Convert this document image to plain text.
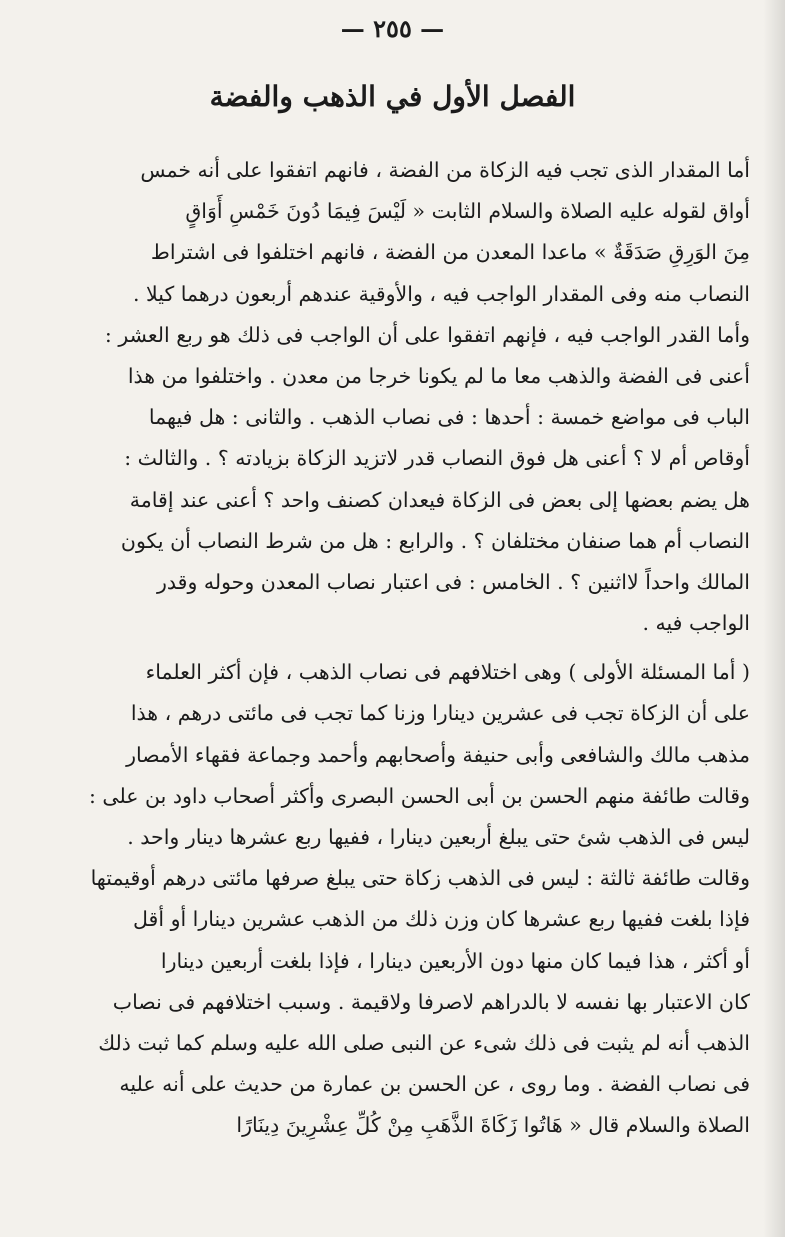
— ٢٥٥ —
الفصل الأول في الذهب والفضة
أما المقدار الذى تجب فيه الزكاة من الفضة ، فانهم اتفقوا على أنه خمس
أواق لقوله عليه الصلاة والسلام الثابت « لَيْسَ فِيمَا دُونَ خَمْسِ أَوَاقٍ
مِنَ الوَرِقِ صَدَقَةٌ » ماعدا المعدن من الفضة ، فانهم اختلفوا فى اشتراط
النصاب منه وفى المقدار الواجب فيه ، والأوقية عندهم أربعون درهما كيلا .
وأما القدر الواجب فيه ، فإنهم اتفقوا على أن الواجب فى ذلك هو ربع العشر :
أعنى فى الفضة والذهب معا ما لم يكونا خرجا من معدن . واختلفوا من هذا
الباب فى مواضع خمسة : أحدها : فى نصاب الذهب . والثانى : هل فيهما
أوقاص أم لا ؟ أعنى هل فوق النصاب قدر لاتزيد الزكاة بزيادته ؟ . والثالث :
هل يضم بعضها إلى بعض فى الزكاة فيعدان كصنف واحد ؟ أعنى عند إقامة
النصاب أم هما صنفان مختلفان ؟ . والرابع : هل من شرط النصاب أن يكون
المالك واحداً لااثنين ؟ . الخامس : فى اعتبار نصاب المعدن وحوله وقدر
الواجب فيه .
( أما المسئلة الأولى ) وهى اختلافهم فى نصاب الذهب ، فإن أكثر العلماء
على أن الزكاة تجب فى عشرين دينارا وزنا كما تجب فى مائتى درهم ، هذا
مذهب مالك والشافعى وأبى حنيفة وأصحابهم وأحمد وجماعة فقهاء الأمصار
وقالت طائفة منهم الحسن بن أبى الحسن البصرى وأكثر أصحاب داود بن على :
ليس فى الذهب شئ حتى يبلغ أربعين دينارا ، ففيها ربع عشرها دينار واحد .
وقالت طائفة ثالثة : ليس فى الذهب زكاة حتى يبلغ صرفها مائتى درهم أوقيمتها
فإذا بلغت ففيها ربع عشرها كان وزن ذلك من الذهب عشرين دينارا أو أقل
أو أكثر ، هذا فيما كان منها دون الأربعين دينارا ، فإذا بلغت أربعين دينارا
كان الاعتبار بها نفسه لا بالدراهم لاصرفا ولاقيمة . وسبب اختلافهم فى نصاب
الذهب أنه لم يثبت فى ذلك شىء عن النبى صلى الله عليه وسلم كما ثبت ذلك
فى نصاب الفضة . وما روى ، عن الحسن بن عمارة من حديث على أنه عليه
الصلاة والسلام قال « هَاتُوا زَكَاةَ الذَّهَبِ مِنْ كُلِّ عِشْرِينَ دِينَارًا
